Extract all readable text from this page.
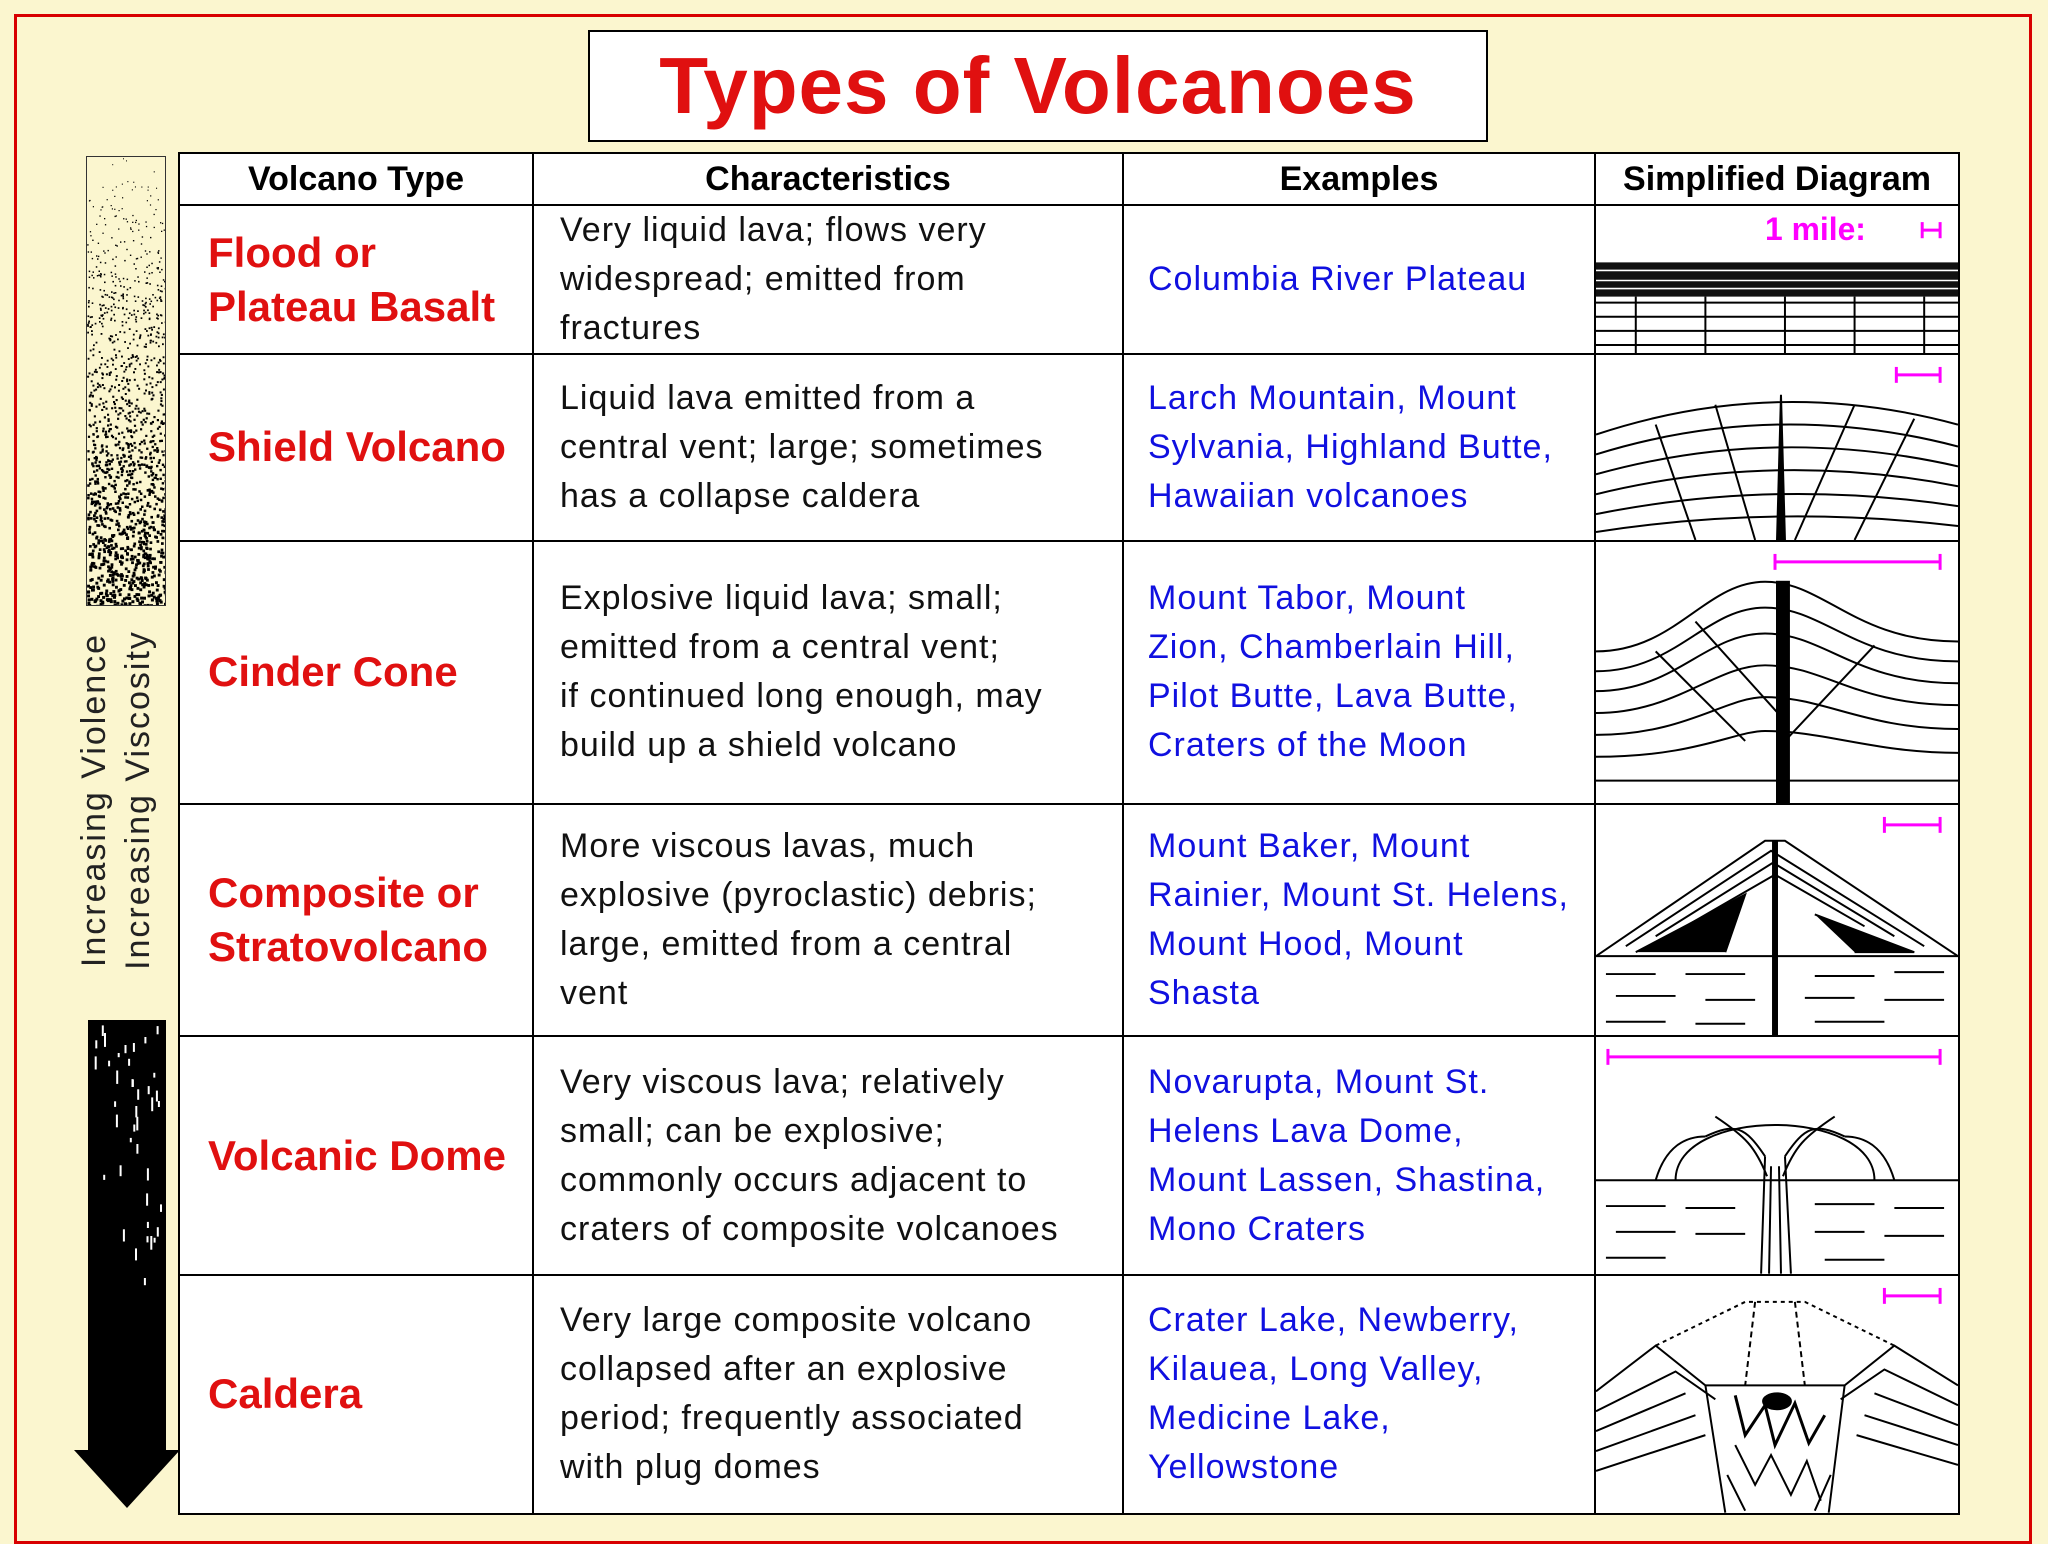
Types of Volcanoes
Increasing Violence Increasing Viscosity
Volcano Type	Characteristics	Examples	Simplified Diagram

Flood or
Plateau Basalt	Very liquid lava; flows very
widespread; emitted from
fractures	Columbia River Plateau	1 mile:

Shield Volcano	Liquid lava emitted from a
central vent; large; sometimes
has a collapse caldera	Larch Mountain, Mount
Sylvania, Highland Butte,
Hawaiian volcanoes

Cinder Cone	Explosive liquid lava; small;
emitted from a central vent;
if continued long enough, may
build up a shield volcano	Mount Tabor, Mount
Zion, Chamberlain Hill,
Pilot Butte, Lava Butte,
Craters of the Moon

Composite or
Stratovolcano	More viscous lavas, much
explosive (pyroclastic) debris;
large, emitted from a central
vent	Mount Baker, Mount
Rainier, Mount St. Helens,
Mount Hood, Mount
Shasta

Volcanic Dome	Very viscous lava; relatively
small; can be explosive;
commonly occurs adjacent to
craters of composite volcanoes	Novarupta, Mount St.
Helens Lava Dome,
Mount Lassen, Shastina,
Mono Craters

Caldera	Very large composite volcano
collapsed after an explosive
period; frequently associated
with plug domes	Crater Lake, Newberry,
Kilauea, Long Valley,
Medicine Lake,
Yellowstone
